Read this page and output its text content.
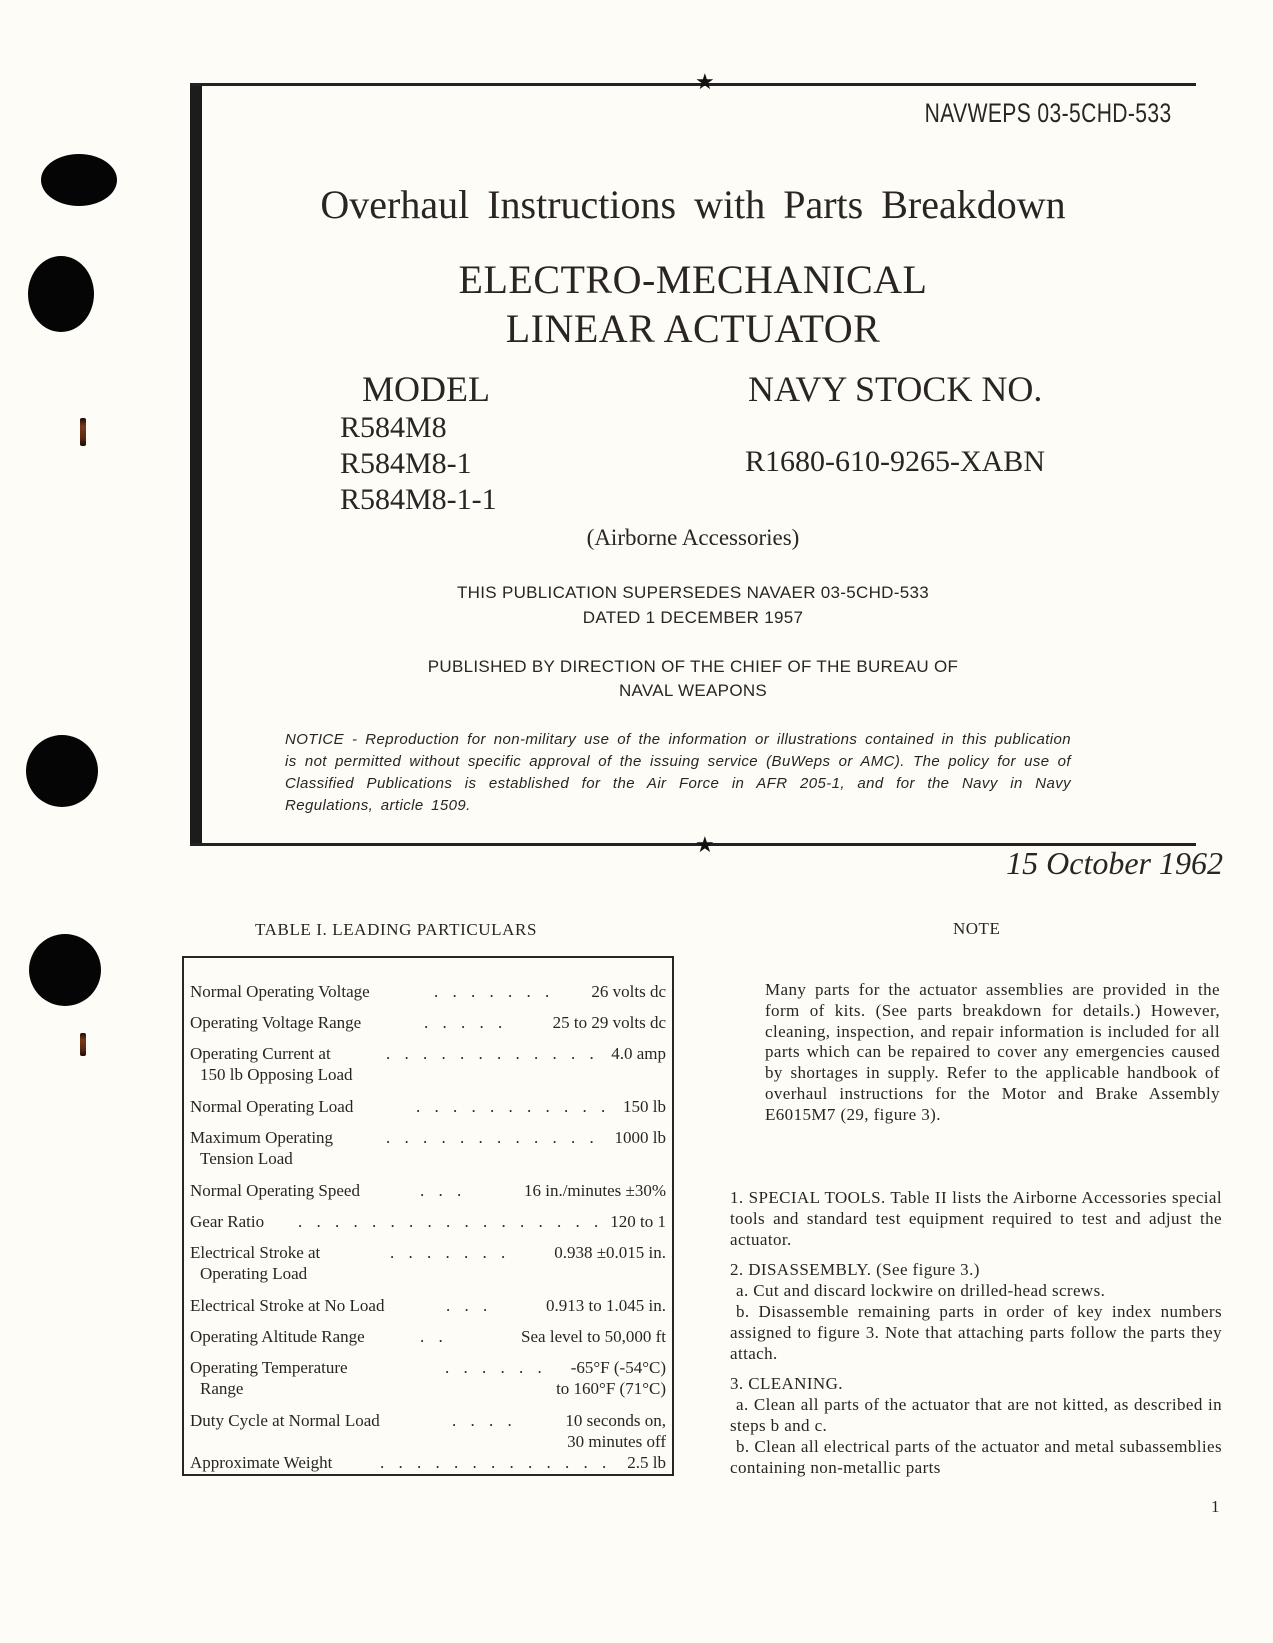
★
★
NAVWEPS 03-5CHD-533
Overhaul Instructions with Parts Breakdown
ELECTRO-MECHANICAL
LINEAR ACTUATOR
MODEL
R584M8
R584M8-1
R584M8-1-1
NAVY STOCK NO.
R1680-610-9265-XABN
(Airborne Accessories)
THIS PUBLICATION SUPERSEDES NAVAER 03-5CHD-533
DATED 1 DECEMBER 1957
PUBLISHED BY DIRECTION OF THE CHIEF OF THE BUREAU OF
NAVAL WEAPONS
NOTICE - Reproduction for non-military use of the information or illustrations contained in this publication is not permitted without specific approval of the issuing service (BuWeps or AMC). The policy for use of Classified Publications is established for the Air Force in AFR 205-1, and for the Navy in Navy Regulations, article 1509.
15 October 1962
TABLE I. LEADING PARTICULARS
Normal Operating Voltage	. . . . . . . 26 volts dc
Operating Voltage Range	. . . . .	25 to 29 volts dc
Operating Current at
150 lb Opposing Load
. . . . . . . . . . . . 4.0 amp
Normal Operating Load	. . . . . . . . . . . 150 lb
Maximum Operating
Tension Load
. . . . . . . . . . . . 1000 lb
Normal Operating Speed	. . .	16 in./minutes ±30%
Gear Ratio . . . . . . . . . . . . . . . . . 120 to 1
Electrical Stroke at
Operating Load
. . . . . . .	0.938 ±0.015 in.
Electrical Stroke at No Load	. . .	0.913 to 1.045 in.
Operating Altitude Range	. .	Sea level to 50,000 ft
Operating Temperature
Range
. . . . . . -65°F (-54°C)
to 160°F (71°C)
Duty Cycle at Normal Load	. . . .	10 seconds on,
30 minutes off
Approximate Weight	. . . . . . . . . . . . . 2.5 lb
NOTE
Many parts for the actuator assemblies are provided in the form of kits. (See parts breakdown for details.) However, cleaning, inspection, and repair information is included for all parts which can be repaired to cover any emergencies caused by shortages in supply. Refer to the applicable handbook of overhaul instructions for the Motor and Brake Assembly E6015M7 (29, figure 3).
1. SPECIAL TOOLS. Table II lists the Airborne Accessories special tools and standard test equipment required to test and adjust the actuator.
2. DISASSEMBLY. (See figure 3.)
a. Cut and discard lockwire on drilled-head screws.
b. Disassemble remaining parts in order of key index numbers assigned to figure 3. Note that attaching parts follow the parts they attach.
3. CLEANING.
a. Clean all parts of the actuator that are not kitted, as described in steps b and c.
b. Clean all electrical parts of the actuator and metal subassemblies containing non-metallic parts
1
